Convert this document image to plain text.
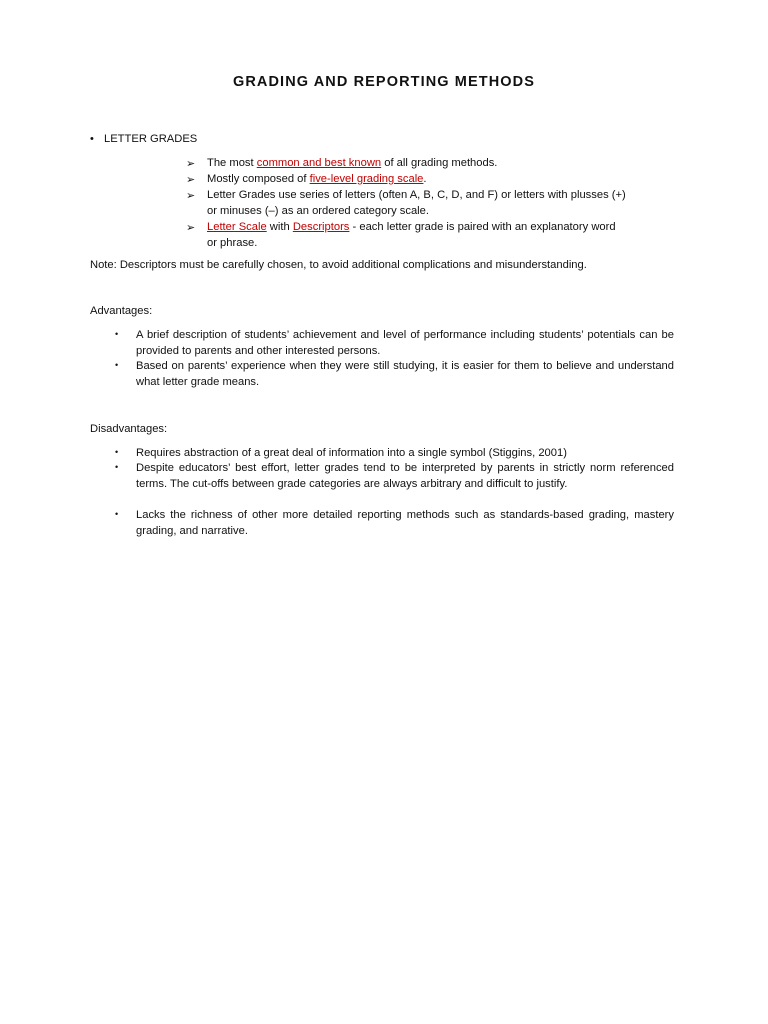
GRADING AND REPORTING METHODS
• LETTER GRADES
➢ The most common and best known of all grading methods.
➢ Mostly composed of five-level grading scale.
➢ Letter Grades use series of letters (often A, B, C, D, and F) or letters with plusses (+)
or minuses (–) as an ordered category scale.
➢ Letter Scale with Descriptors - each letter grade is paired with an explanatory word
or phrase.
Note: Descriptors must be carefully chosen, to avoid additional complications and misunderstanding.
Advantages:
• A brief description of students’ achievement and level of performance including students’ potentials can be provided to parents and other interested persons.
• Based on parents’ experience when they were still studying, it is easier for them to believe and understand what letter grade means.
Disadvantages:
• Requires abstraction of a great deal of information into a single symbol (Stiggins, 2001)
• Despite educators’ best effort, letter grades tend to be interpreted by parents in strictly norm referenced terms. The cut-offs between grade categories are always arbitrary and difficult to justify.
• Lacks the richness of other more detailed reporting methods such as standards-based grading, mastery grading, and narrative.
